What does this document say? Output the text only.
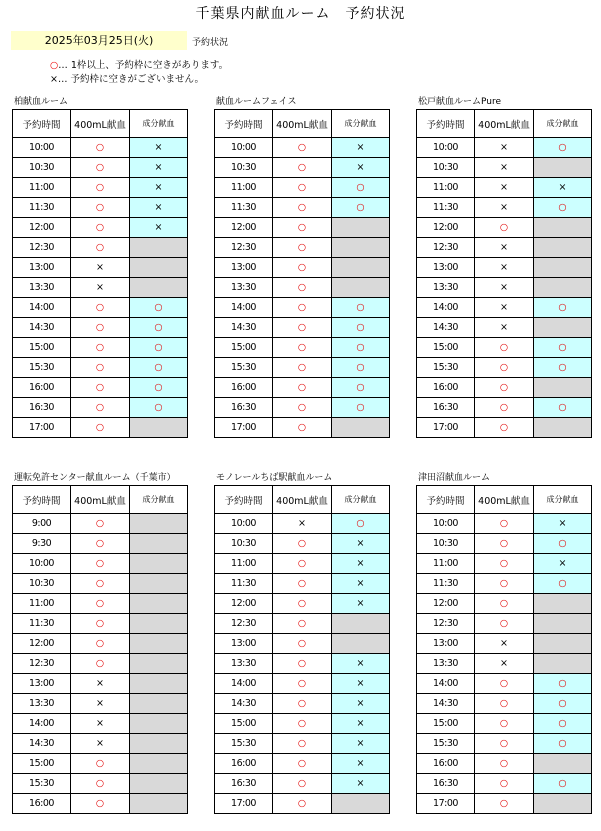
千葉県内献血ルーム　予約状況
2025年03月25日(火)	予約状況
○… 1枠以上、予約枠に空きがあります。
×… 予約枠に空きがございません。
柏献血ルーム
予約時間	400mL献血	成分献血
10:00	○	×
10:30	○	×
11:00	○	×
11:30	○	×
12:00	○	×
12:30	○	
13:00	×	
13:30	×	
14:00	○	○
14:30	○	○
15:00	○	○
15:30	○	○
16:00	○	○
16:30	○	○
17:00	○	
献血ルームフェイス
予約時間	400mL献血	成分献血
10:00	○	×
10:30	○	×
11:00	○	○
11:30	○	○
12:00	○	
12:30	○	
13:00	○	
13:30	○	
14:00	○	○
14:30	○	○
15:00	○	○
15:30	○	○
16:00	○	○
16:30	○	○
17:00	○	
松戸献血ルームPure
予約時間	400mL献血	成分献血
10:00	×	○
10:30	×	
11:00	×	×
11:30	×	○
12:00	○	
12:30	×	
13:00	×	
13:30	×	
14:00	×	○
14:30	×	
15:00	○	○
15:30	○	○
16:00	○	
16:30	○	○
17:00	○	
運転免許センター献血ルーム（千葉市）
予約時間	400mL献血	成分献血
9:00	○	
9:30	○	
10:00	○	
10:30	○	
11:00	○	
11:30	○	
12:00	○	
12:30	○	
13:00	×	
13:30	×	
14:00	×	
14:30	×	
15:00	○	
15:30	○	
16:00	○	
モノレールちば駅献血ルーム
予約時間	400mL献血	成分献血
10:00	×	○
10:30	○	×
11:00	○	×
11:30	○	×
12:00	○	×
12:30	○	
13:00	○	
13:30	○	×
14:00	○	×
14:30	○	×
15:00	○	×
15:30	○	×
16:00	○	×
16:30	○	×
17:00	○	
津田沼献血ルーム
予約時間	400mL献血	成分献血
10:00	○	×
10:30	○	○
11:00	○	×
11:30	○	○
12:00	○	
12:30	○	
13:00	×	
13:30	×	
14:00	○	○
14:30	○	○
15:00	○	○
15:30	○	○
16:00	○	
16:30	○	○
17:00	○	
